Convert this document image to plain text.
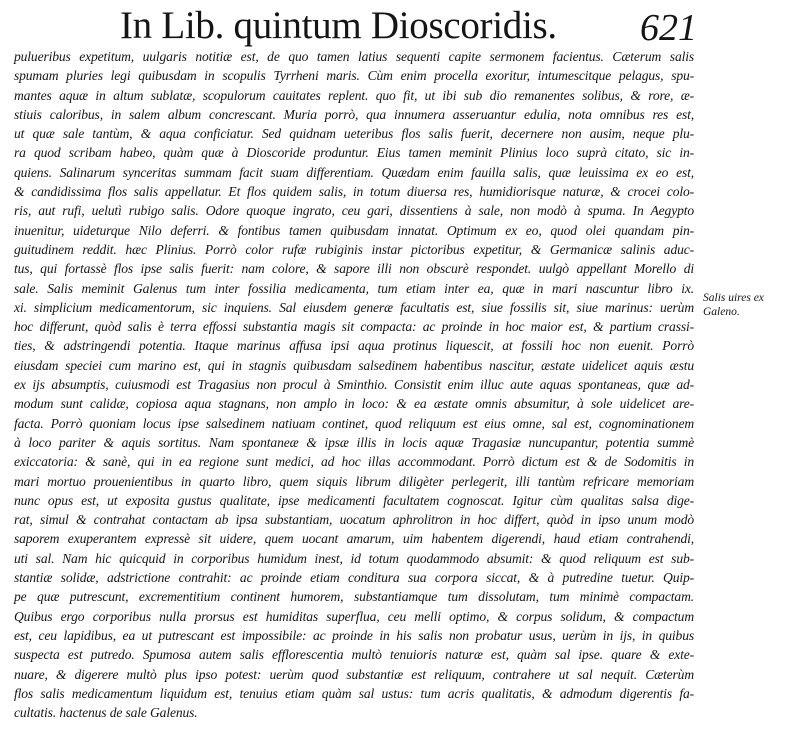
In Lib. quintum Dioscoridis. 621
pulueribus expetitum, uulgaris notitiæ est, de quo tamen latius sequenti capite sermonem facientus. Cæterum salis
spumam pluries legi quibusdam in scopulis Tyrrheni maris. Cùm enim procella exoritur, intumescitque pelagus, spu-
mantes aquæ in altum sublatæ, scopulorum cauitates replent. quo fit, ut ibi sub dio remanentes solibus, & rore, æ-
stiuis caloribus, in salem album concrescant. Muria porrò, qua innumera asseruantur edulia, nota omnibus res est,
ut quæ sale tantùm, & aqua conficiatur. Sed quidnam ueteribus flos salis fuerit, decernere non ausim, neque plu-
ra quod scribam habeo, quàm quæ à Dioscoride produntur. Eius tamen meminit Plinius loco suprà citato, sic in-
quiens. Salinarum synceritas summam facit suam differentiam. Quædam enim fauilla salis, quæ leuissima ex eo est,
& candidissima flos salis appellatur. Et flos quidem salis, in totum diuersa res, humidiorisque naturæ, & crocei colo-
ris, aut rufi, uelutì rubigo salis. Odore quoque ingrato, ceu gari, dissentiens à sale, non modò à spuma. In Aegypto
inuenitur, uideturque Nilo deferri. & fontibus tamen quibusdam innatat. Optimum ex eo, quod olei quandam pin-
guitudinem reddit. hæc Plinius. Porrò color rufæ rubiginis instar pictoribus expetitur, & Germanicæ salinis aduc-
tus, qui fortassè flos ipse salis fuerit: nam colore, & sapore illi non obscurè respondet. uulgò appellant Morello di
sale. Salis meminit Galenus tum inter fossilia medicamenta, tum etiam inter ea, quæ in mari nascuntur libro ix.
xi. simplicium medicamentorum, sic inquiens. Sal eiusdem generæ facultatis est, siue fossilis sit, siue marinus: uerùm
hoc differunt, quòd salis è terra effossi substantia magis sit compacta: ac proinde in hoc maior est, & partium crassi-
ties, & adstringendi potentia. Itaque marinus affusa ipsi aqua protinus liquescit, at fossili hoc non euenit. Porrò
eiusdam speciei cum marino est, qui in stagnis quibusdam salsedinem habentibus nascitur, æstate uidelicet aquis æstu
ex ijs absumptis, cuiusmodi est Tragasius non procul à Sminthio. Consistit enim illuc aute aquas spontaneas, quæ ad-
modum sunt calidæ, copiosa aqua stagnans, non amplo in loco: & ea æstate omnis absumitur, à sole uidelicet are-
facta. Porrò quoniam locus ipse salsedinem natiuam continet, quod reliquum est eius omne, sal est, cognominationem
à loco pariter & aquis sortitus. Nam spontaneæ & ipsæ illis in locis aquæ Tragasiæ nuncupantur, potentia summè
exiccatoria: & sanè, qui in ea regione sunt medici, ad hoc illas accommodant. Porrò dictum est & de Sodomitis in
mari mortuo prouenientibus in quarto libro, quem siquis librum diligèter perlegerit, illi tantùm refricare memoriam
nunc opus est, ut exposita gustus qualitate, ipse medicamenti facultatem cognoscat. Igitur cùm qualitas salsa dige-
rat, simul & contrahat contactam ab ipsa substantiam, uocatum aphrolitron in hoc differt, quòd in ipso unum modò
saporem exuperantem expressè sit uidere, quem uocant amarum, uim habentem digerendi, haud etiam contrahendi,
uti sal. Nam hic quicquid in corporibus humidum inest, id totum quodammodo absumit: & quod reliquum est sub-
stantiæ solidæ, adstrictione contrahit: ac proinde etiam conditura sua corpora siccat, & à putredine tuetur. Quip-
pe quæ putrescunt, excrementitium continent humorem, substantiamque tum dissolutam, tum minimè compactam.
Quibus ergo corporibus nulla prorsus est humiditas superflua, ceu melli optimo, & corpus solidum, & compactum
est, ceu lapidibus, ea ut putrescant est impossibile: ac proinde in his salis non probatur usus, uerùm in ijs, in quibus
suspecta est putredo. Spumosa autem salis efflorescentia multò tenuioris naturæ est, quàm sal ipse. quare & exte-
nuare, & digerere multò plus ipso potest: uerùm quod substantiæ est reliquum, contrahere ut sal nequit. Cæterùm
flos salis medicamentum liquidum est, tenuius etiam quàm sal ustus: tum acris qualitatis, & admodum digerentis fa-
cultatis. hactenus de sale Galenus.
Salis uires ex
Galeno.
